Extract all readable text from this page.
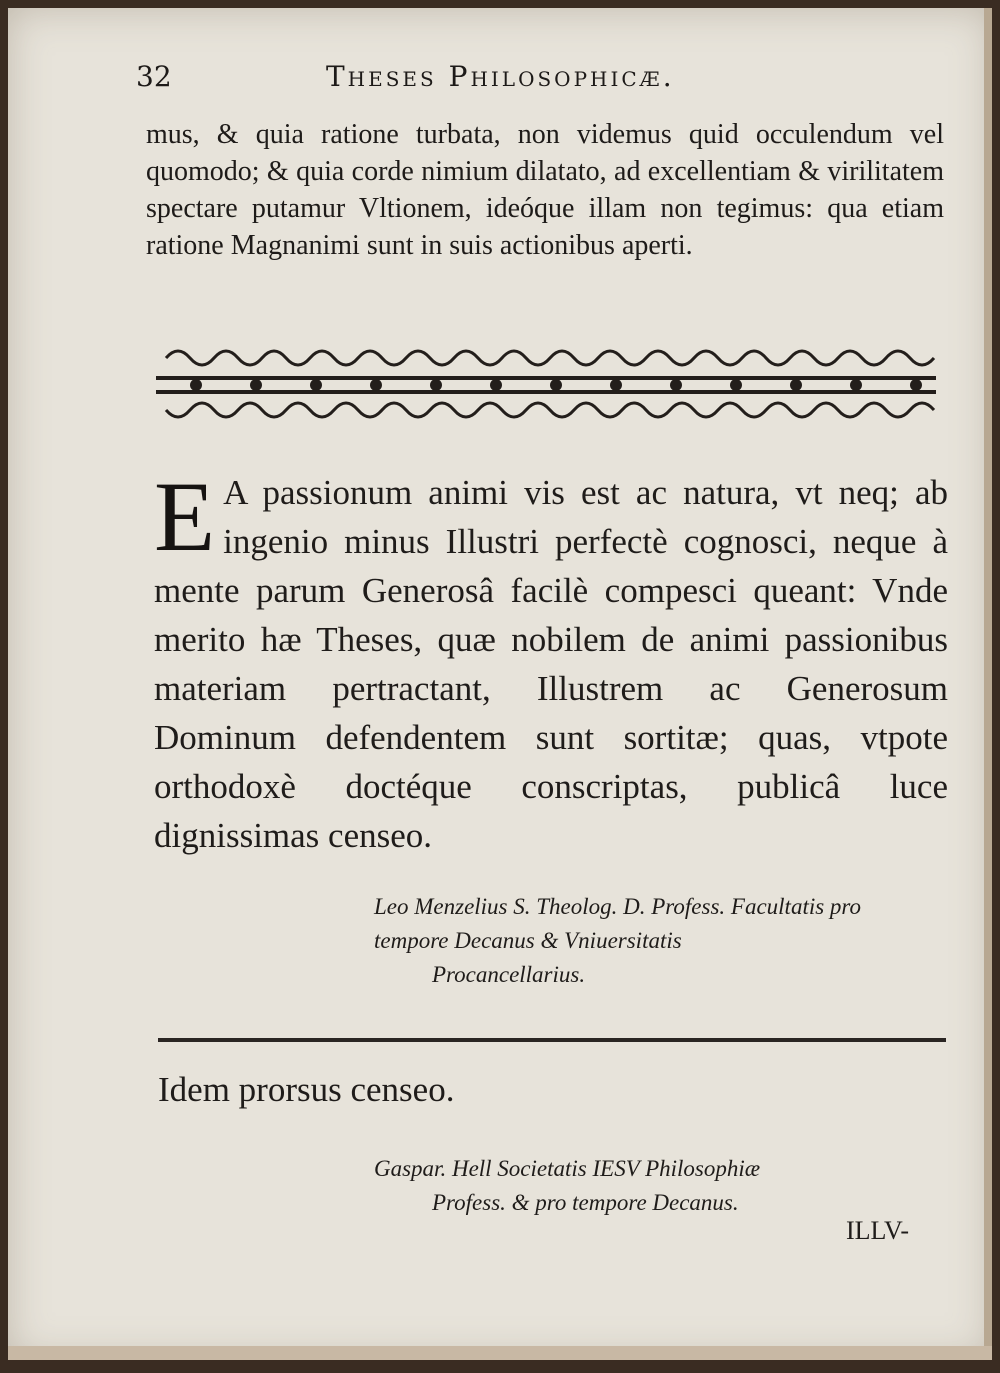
32	Theses Philosophicæ.

mus, & quia ratione turbata, non videmus quid occulendum vel quomodo; & quia corde nimium dilatato, ad excellentiam & virilitatem spectare putamur Vltionem, ideóque illam non tegimus: qua etiam ratione Magnanimi sunt in suis actionibus aperti.

E A passionum animi vis est ac natura, vt neq; ab ingenio minus Illustri perfectè cognosci, neque à mente parum Generosâ facilè compesci queant: Vnde merito hæ Theses, quæ nobilem de animi passionibus materiam pertractant, Illustrem ac Generosum Dominum defendentem sunt sortitæ; quas, vtpote orthodoxè doctéque conscriptas, publicâ luce dignissimas censeo.

Leo Menzelius S. Theolog. D. Profess. Facultatis pro tempore Decanus & Vniuersitatis
Procancellarius.

Idem prorsus censeo.

Gaspar. Hell Societatis IESV Philosophiæ

Profess. & pro tempore Decanus.

ILLV-
